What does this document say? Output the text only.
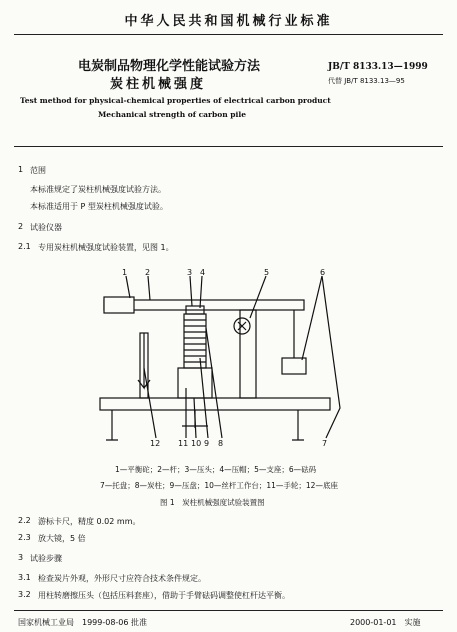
中华人民共和国机械行业标准
电炭制品物理化学性能试验方法
炭柱机械强度
JB/T 8133.13—1999
代替 JB/T 8133.13—95
Test method for physical-chemical properties of electrical carbon product
Mechanical strength of carbon pile
1 范围
本标准规定了炭柱机械强度试验方法。
本标准适用于 P 型炭柱机械强度试验。
2 试验仪器
2.1 专用炭柱机械强度试验装置，见图 1。
1 2	3 4	5	6
12 11 10 9 8	7
1—平衡砣；2—杆；3—压头；4—压帽；5—支座；6—砝码
7—托盘；8—炭柱；9—压盘；10—丝杆工作台；11—手轮；12—底座
图 1　炭柱机械强度试验装置图
2.2 游标卡尺，精度 0.02 mm。
2.3 放大镜，5 倍
3 试验步骤
3.1 检查炭片外观，外形尺寸应符合技术条件规定。
3.2 用柱转磨擦压头（包括压料套座），借助于手臂砝码调整使杠杆达平衡。
国家机械工业局　1999-08-06 批准	2000-01-01　实施
